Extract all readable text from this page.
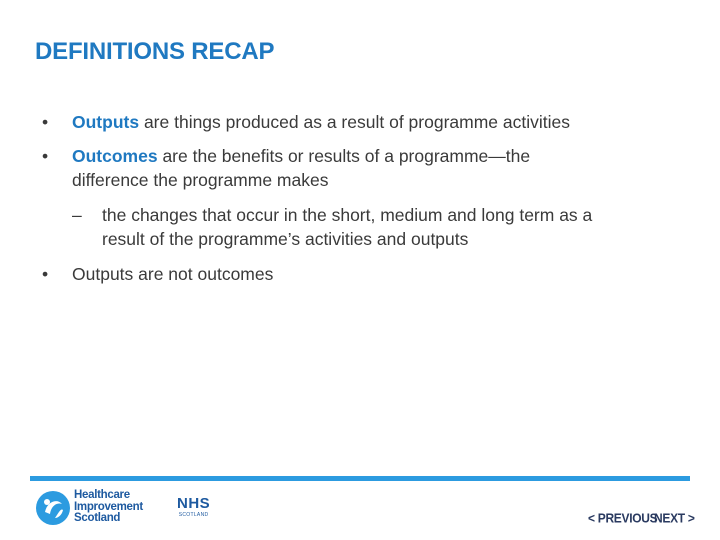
DEFINITIONS RECAP
• Outputs are things produced as a result of programme activities
• Outcomes are the benefits or results of a programme—the
difference the programme makes
– the changes that occur in the short, medium and long term as a
result of the programme’s activities and outputs
• Outputs are not outcomes
Healthcare
Improvement
Scotland
NHS
SCOTLAND	< PREVIOUS
NEXT >
